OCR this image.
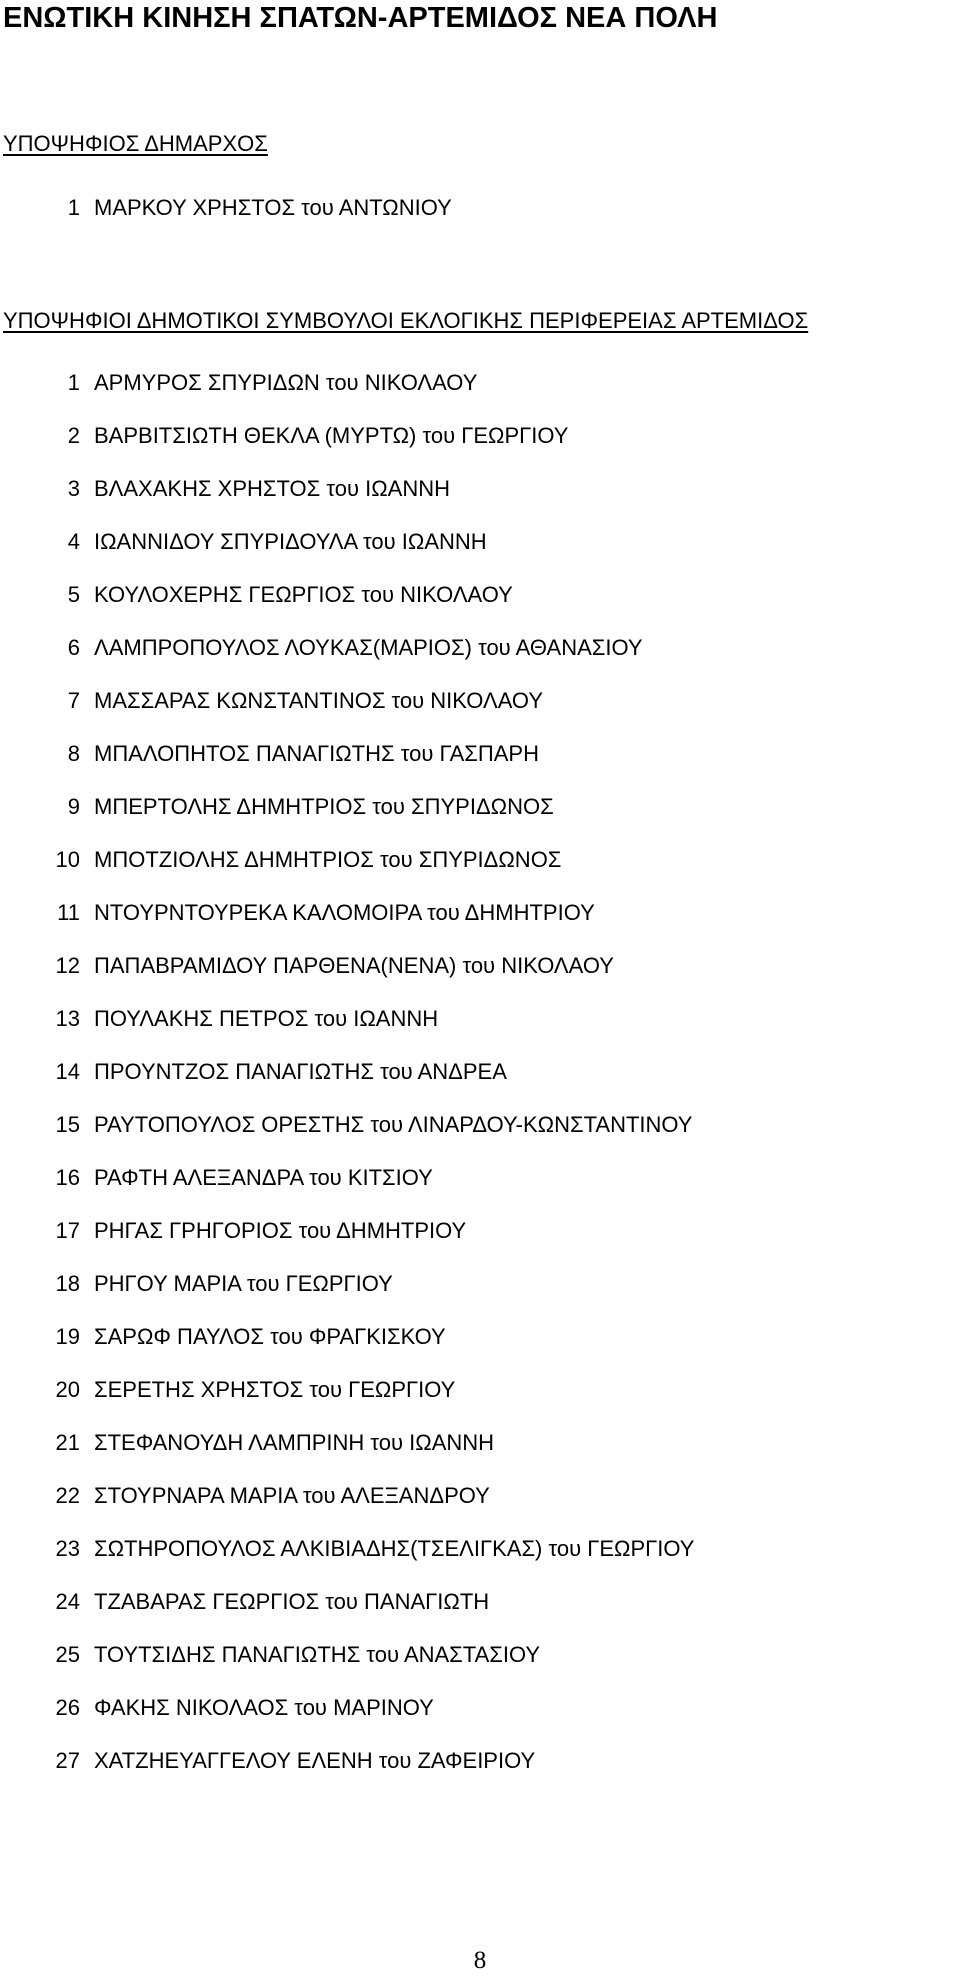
ΕΝΩΤΙΚΗ ΚΙΝΗΣΗ ΣΠΑΤΩΝ-ΑΡΤΕΜΙΔΟΣ ΝΕΑ ΠΟΛΗ
ΥΠΟΨΗΦΙΟΣ ΔΗΜΑΡΧΟΣ
1 ΜΑΡΚΟΥ ΧΡΗΣΤΟΣ του ΑΝΤΩΝΙΟΥ
ΥΠΟΨΗΦΙΟΙ ΔΗΜΟΤΙΚΟΙ ΣΥΜΒΟΥΛΟΙ ΕΚΛΟΓΙΚΗΣ ΠΕΡΙΦΕΡΕΙΑΣ ΑΡΤΕΜΙΔΟΣ
1 ΑΡΜΥΡΟΣ ΣΠΥΡΙΔΩΝ του ΝΙΚΟΛΑΟΥ
2 ΒΑΡΒΙΤΣΙΩΤΗ ΘΕΚΛΑ (ΜΥΡΤΩ) του ΓΕΩΡΓΙΟΥ
3 ΒΛΑΧΑΚΗΣ ΧΡΗΣΤΟΣ του ΙΩΑΝΝΗ
4 ΙΩΑΝΝΙΔΟΥ ΣΠΥΡΙΔΟΥΛΑ του ΙΩΑΝΝΗ
5 ΚΟΥΛΟΧΕΡΗΣ ΓΕΩΡΓΙΟΣ του ΝΙΚΟΛΑΟΥ
6 ΛΑΜΠΡΟΠΟΥΛΟΣ ΛΟΥΚΑΣ(ΜΑΡΙΟΣ) του ΑΘΑΝΑΣΙΟΥ
7 ΜΑΣΣΑΡΑΣ ΚΩΝΣΤΑΝΤΙΝΟΣ του ΝΙΚΟΛΑΟΥ
8 ΜΠΑΛΟΠΗΤΟΣ ΠΑΝΑΓΙΩΤΗΣ του ΓΑΣΠΑΡΗ
9 ΜΠΕΡΤΟΛΗΣ ΔΗΜΗΤΡΙΟΣ του ΣΠΥΡΙΔΩΝΟΣ
10 ΜΠΟΤΖΙΟΛΗΣ ΔΗΜΗΤΡΙΟΣ του ΣΠΥΡΙΔΩΝΟΣ
11 ΝΤΟΥΡΝΤΟΥΡΕΚΑ ΚΑΛΟΜΟΙΡΑ του ΔΗΜΗΤΡΙΟΥ
12 ΠΑΠΑΒΡΑΜΙΔΟΥ ΠΑΡΘΕΝΑ(ΝΕΝΑ) του ΝΙΚΟΛΑΟΥ
13 ΠΟΥΛΑΚΗΣ ΠΕΤΡΟΣ του ΙΩΑΝΝΗ
14 ΠΡΟΥΝΤΖΟΣ ΠΑΝΑΓΙΩΤΗΣ του ΑΝΔΡΕΑ
15 ΡΑΥΤΟΠΟΥΛΟΣ ΟΡΕΣΤΗΣ του ΛΙΝΑΡΔΟΥ-ΚΩΝΣΤΑΝΤΙΝΟΥ
16 ΡΑΦΤΗ ΑΛΕΞΑΝΔΡΑ του ΚΙΤΣΙΟΥ
17 ΡΗΓΑΣ ΓΡΗΓΟΡΙΟΣ του ΔΗΜΗΤΡΙΟΥ
18 ΡΗΓΟΥ ΜΑΡΙΑ του ΓΕΩΡΓΙΟΥ
19 ΣΑΡΩΦ ΠΑΥΛΟΣ του ΦΡΑΓΚΙΣΚΟΥ
20 ΣΕΡΕΤΗΣ ΧΡΗΣΤΟΣ του ΓΕΩΡΓΙΟΥ
21 ΣΤΕΦΑΝΟΥΔΗ ΛΑΜΠΡΙΝΗ του ΙΩΑΝΝΗ
22 ΣΤΟΥΡΝΑΡΑ ΜΑΡΙΑ του ΑΛΕΞΑΝΔΡΟΥ
23 ΣΩΤΗΡΟΠΟΥΛΟΣ ΑΛΚΙΒΙΑΔΗΣ(ΤΣΕΛΙΓΚΑΣ) του ΓΕΩΡΓΙΟΥ
24 ΤΖΑΒΑΡΑΣ ΓΕΩΡΓΙΟΣ του ΠΑΝΑΓΙΩΤΗ
25 ΤΟΥΤΣΙΔΗΣ ΠΑΝΑΓΙΩΤΗΣ του ΑΝΑΣΤΑΣΙΟΥ
26 ΦΑΚΗΣ ΝΙΚΟΛΑΟΣ του ΜΑΡΙΝΟΥ
27 ΧΑΤΖΗΕΥΑΓΓΕΛΟΥ ΕΛΕΝΗ του ΖΑΦΕΙΡΙΟΥ
8
